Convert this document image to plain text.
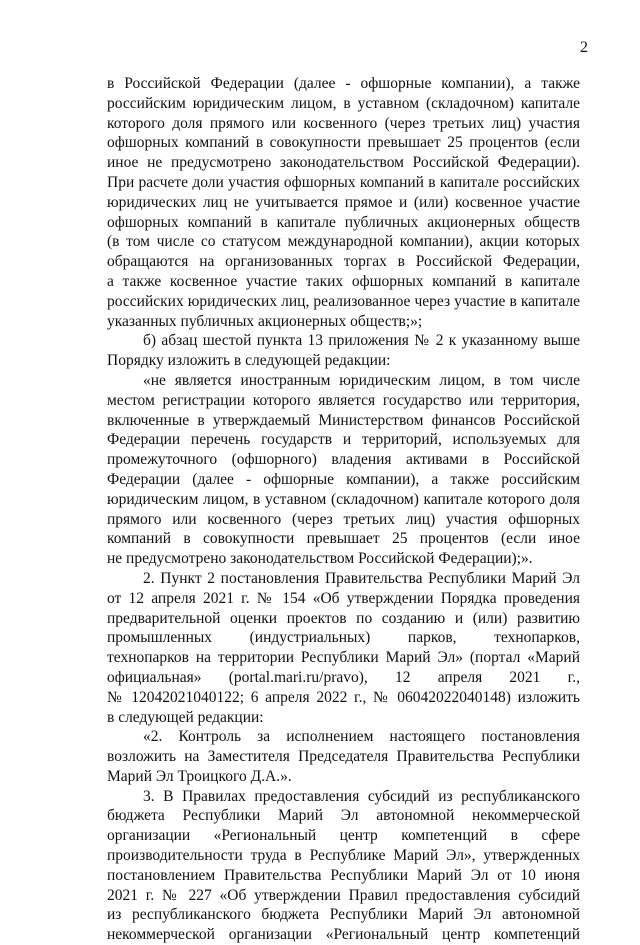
2
в Российской Федерации (далее - офшорные компании), а также
российским юридическим лицом, в уставном (складочном) капитале
которого доля прямого или косвенного (через третьих лиц) участия
офшорных компаний в совокупности превышает 25 процентов (если
иное не предусмотрено законодательством Российской Федерации).
При расчете доли участия офшорных компаний в капитале российских
юридических лиц не учитывается прямое и (или) косвенное участие
офшорных компаний в капитале публичных акционерных обществ
(в том числе со статусом международной компании), акции которых
обращаются на организованных торгах в Российской Федерации,
а также косвенное участие таких офшорных компаний в капитале
российских юридических лиц, реализованное через участие в капитале
указанных публичных акционерных обществ;»;
б) абзац шестой пункта 13 приложения № 2 к указанному выше
Порядку изложить в следующей редакции:
«не является иностранным юридическим лицом, в том числе
местом регистрации которого является государство или территория,
включенные в утверждаемый Министерством финансов Российской
Федерации перечень государств и территорий, используемых для
промежуточного (офшорного) владения активами в Российской
Федерации (далее - офшорные компании), а также российским
юридическим лицом, в уставном (складочном) капитале которого доля
прямого или косвенного (через третьих лиц) участия офшорных
компаний в совокупности превышает 25 процентов (если иное
не предусмотрено законодательством Российской Федерации);».
2. Пункт 2 постановления Правительства Республики Марий Эл
от 12 апреля 2021 г. № 154 «Об утверждении Порядка проведения
предварительной оценки проектов по созданию и (или) развитию
промышленных (индустриальных) парков, технопарков,
технопарков на территории Республики Марий Эл» (портал «Марий
официальная» (portal.mari.ru/pravo), 12 апреля 2021 г.,
№ 12042021040122; 6 апреля 2022 г., № 06042022040148) изложить
в следующей редакции:
«2. Контроль за исполнением настоящего постановления
возложить на Заместителя Председателя Правительства Республики
Марий Эл Троицкого Д.А.».
3. В Правилах предоставления субсидий из республиканского
бюджета Республики Марий Эл автономной некоммерческой
организации «Региональный центр компетенций в сфере
производительности труда в Республике Марий Эл», утвержденных
постановлением Правительства Республики Марий Эл от 10 июня
2021 г. № 227 «Об утверждении Правил предоставления субсидий
из республиканского бюджета Республики Марий Эл автономной
некоммерческой организации «Региональный центр компетенций
